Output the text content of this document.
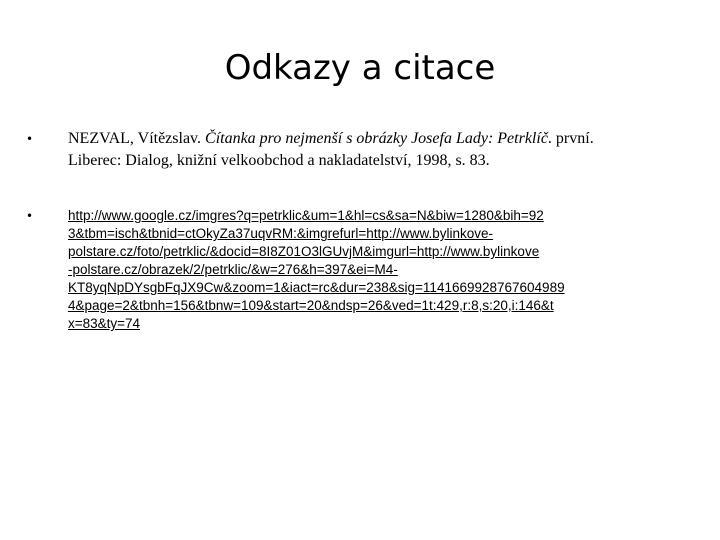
Odkazy a citace
• NEZVAL, Vítězslav. Čítanka pro nejmenší s obrázky Josefa Lady: Petrklíč. první.
Liberec: Dialog, knižní velkoobchod a nakladatelství, 1998, s. 83.

•	http://www.google.cz/imgres?q=petrklic&um=1&hl=cs&sa=N&biw=1280&bih=92
3&tbm=isch&tbnid=ctOkyZa37uqvRM:&imgrefurl=http://www.bylinkove-
polstare.cz/foto/petrklic/&docid=8I8Z01O3lGUvjM&imgurl=http://www.bylinkove
-polstare.cz/obrazek/2/petrklic/&w=276&h=397&ei=M4-
KT8yqNpDYsgbFqJX9Cw&zoom=1&iact=rc&dur=238&sig=1141669928767604989
4&page=2&tbnh=156&tbnw=109&start=20&ndsp=26&ved=1t:429,r:8,s:20,i:146&t
x=83&ty=74
